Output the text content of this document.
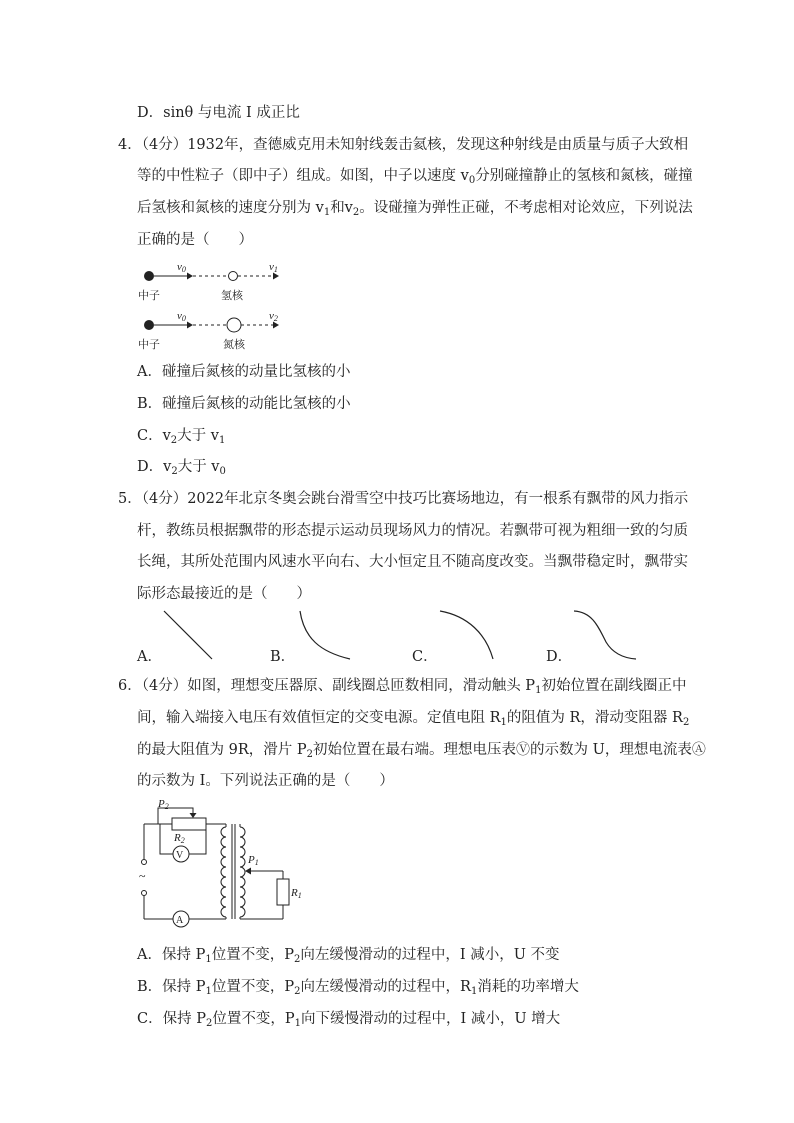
D．sinθ 与电流 I 成正比
4．（4分）1932年，查德威克用未知射线轰击氦核，发现这种射线是由质量与质子大致相
等的中性粒子（即中子）组成。如图，中子以速度 $v_0$分别碰撞静止的氢核和氮核，碰撞
后氢核和氮核的速度分别为 $v_1$和$v_2$。设碰撞为弹性正碰，不考虑相对论效应，下列说法
正确的是（　　）
v0	v1
中子	氢核
v0	v2
中子	氮核
A．碰撞后氮核的动量比氢核的小
B．碰撞后氮核的动能比氢核的小
C．$v_2$大于 $v_1$
D．$v_2$大于 $v_0$
5．（4分）2022年北京冬奥会跳台滑雪空中技巧比赛场地边，有一根系有飘带的风力指示
杆，教练员根据飘带的形态提示运动员现场风力的情况。若飘带可视为粗细一致的匀质
长绳，其所处范围内风速水平向右、大小恒定且不随高度改变。当飘带稳定时，飘带实
际形态最接近的是（　　）
A．	B．	C．	D．
6．（4分）如图，理想变压器原、副线圈总匝数相同，滑动触头 $P_1$初始位置在副线圈正中
间，输入端接入电压有效值恒定的交变电源。定值电阻 $R_1$的阻值为 R，滑动变阻器 $R_2$
的最大阻值为 9R，滑片 $P_2$初始位置在最右端。理想电压表Ⓥ的示数为 U，理想电流表Ⓐ
的示数为 I。下列说法正确的是（　　）
P2
R2
V
~
A
P1
R1
A．保持 $P_1$位置不变，$P_2$向左缓慢滑动的过程中，I 减小，U 不变
B．保持 $P_1$位置不变，$P_2$向左缓慢滑动的过程中，$R_1$消耗的功率增大
C．保持 $P_2$位置不变，$P_1$向下缓慢滑动的过程中，I 减小，U 增大
